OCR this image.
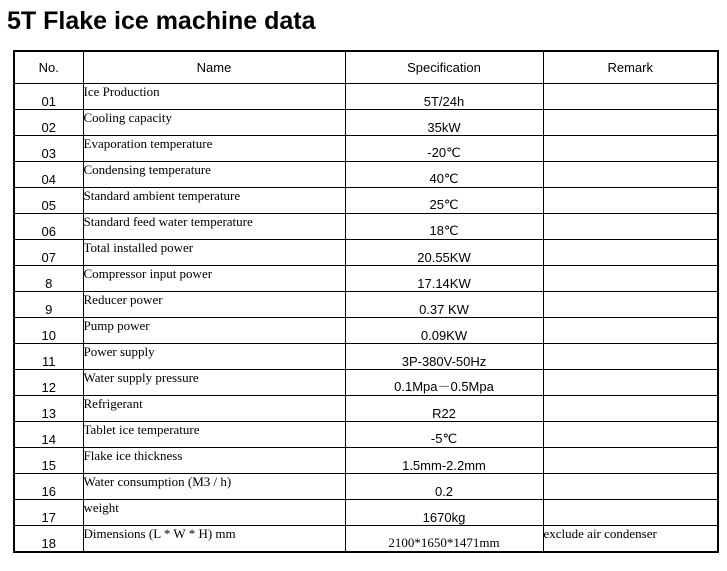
5T Flake ice machine data
No.	Name	Specification	Remark
01	Ice Production	5T/24h	
02	Cooling capacity	35kW	
03	Evaporation temperature	-20℃	
04	Condensing temperature	40℃	
05	Standard ambient temperature	25℃	
06	Standard feed water temperature	18℃	
07	Total installed power	20.55KW	
8	Compressor input power	17.14KW	
9	Reducer power	0.37 KW	
10	Pump power	0.09KW	
11	Power supply	3P-380V-50Hz	
12	Water supply pressure	0.1Mpa－0.5Mpa	
13	Refrigerant	R22	
14	Tablet ice temperature	-5℃	
15	Flake ice thickness	1.5mm-2.2mm	
16	Water consumption (M3 / h)	0.2	
17	weight	1670kg	
18	Dimensions (L * W * H) mm	2100*1650*1471mm	exclude air condenser
